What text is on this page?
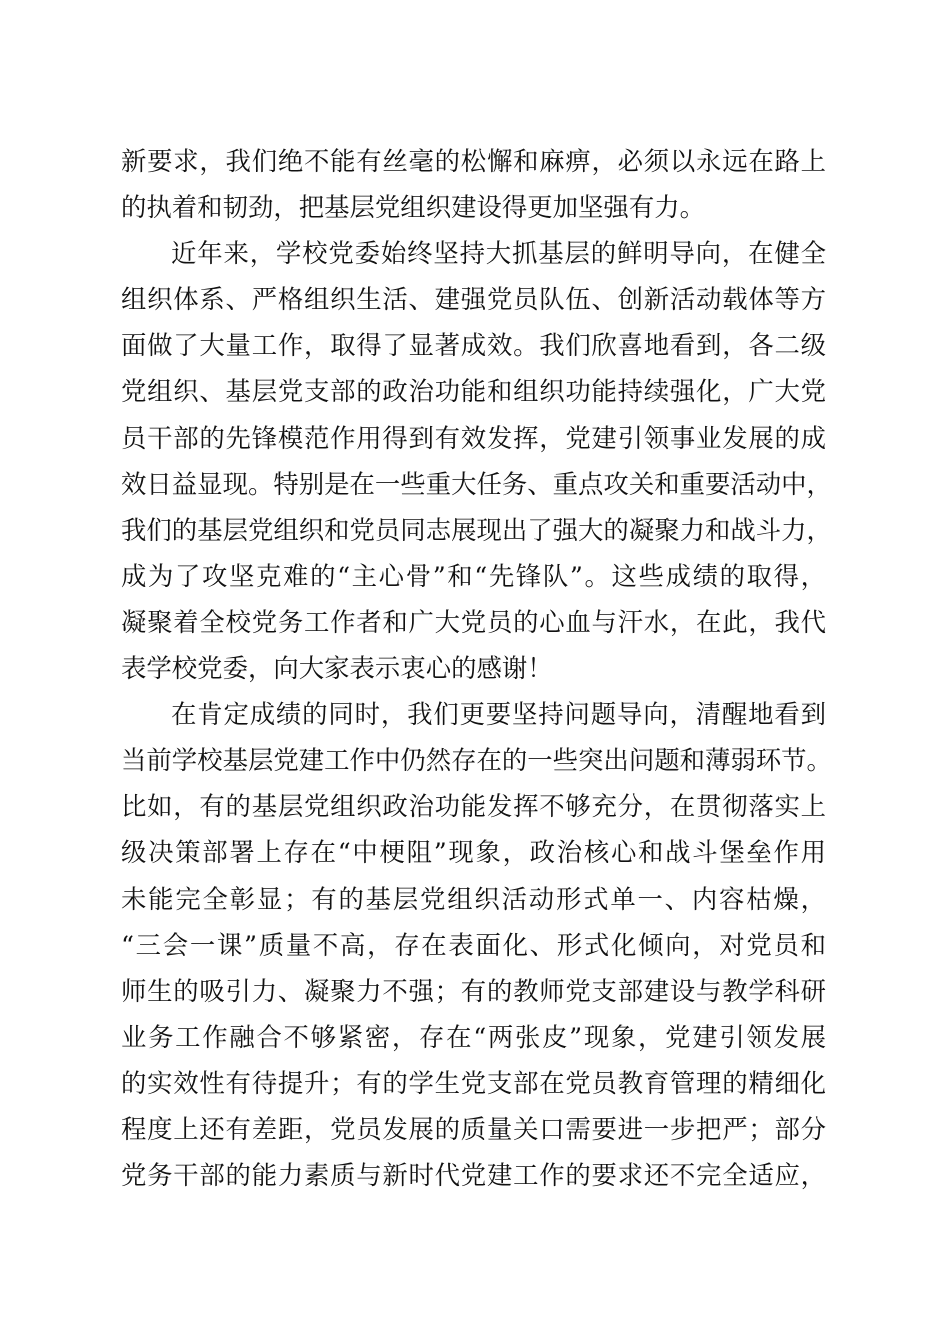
新要求，我们绝不能有丝毫的松懈和麻痹，必须以永远在路上
的执着和韧劲，把基层党组织建设得更加坚强有力。
近年来，学校党委始终坚持大抓基层的鲜明导向，在健全
组织体系、严格组织生活、建强党员队伍、创新活动载体等方
面做了大量工作，取得了显著成效。我们欣喜地看到，各二级
党组织、基层党支部的政治功能和组织功能持续强化，广大党
员干部的先锋模范作用得到有效发挥，党建引领事业发展的成
效日益显现。特别是在一些重大任务、重点攻关和重要活动中，
我们的基层党组织和党员同志展现出了强大的凝聚力和战斗力，
成为了攻坚克难的“主心骨”和“先锋队”。这些成绩的取得，
凝聚着全校党务工作者和广大党员的心血与汗水，在此，我代
表学校党委，向大家表示衷心的感谢！
在肯定成绩的同时，我们更要坚持问题导向，清醒地看到
当前学校基层党建工作中仍然存在的一些突出问题和薄弱环节。
比如，有的基层党组织政治功能发挥不够充分，在贯彻落实上
级决策部署上存在“中梗阻”现象，政治核心和战斗堡垒作用
未能完全彰显；有的基层党组织活动形式单一、内容枯燥，
“三会一课”质量不高，存在表面化、形式化倾向，对党员和
师生的吸引力、凝聚力不强；有的教师党支部建设与教学科研
业务工作融合不够紧密，存在“两张皮”现象，党建引领发展
的实效性有待提升；有的学生党支部在党员教育管理的精细化
程度上还有差距，党员发展的质量关口需要进一步把严；部分
党务干部的能力素质与新时代党建工作的要求还不完全适应，
